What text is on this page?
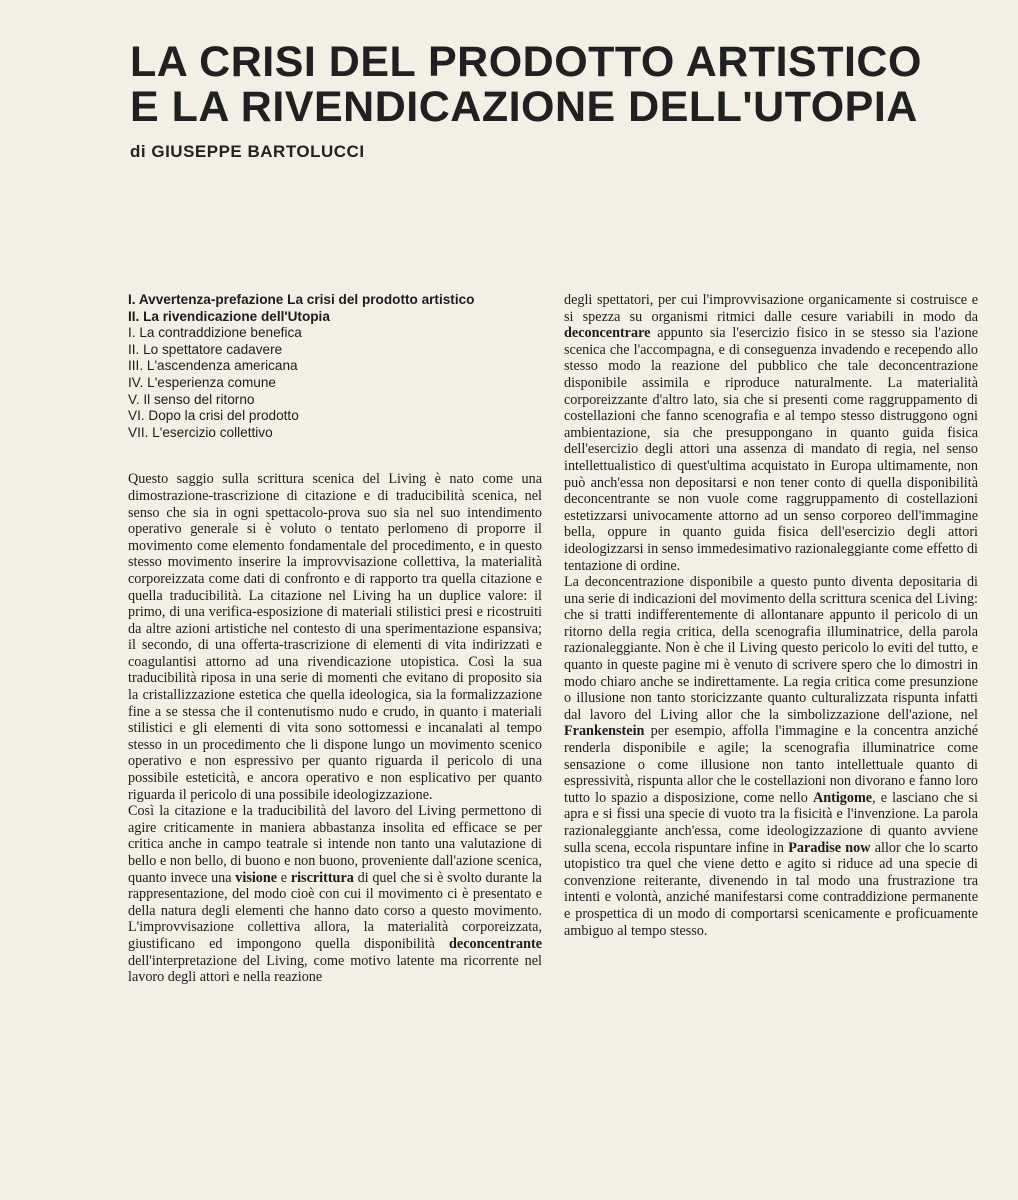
LA CRISI DEL PRODOTTO ARTISTICO
E LA RIVENDICAZIONE DELL'UTOPIA
di GIUSEPPE BARTOLUCCI
I. Avvertenza-prefazione La crisi del prodotto artistico
II. La rivendicazione dell'Utopia
I. La contraddizione benefica
II. Lo spettatore cadavere
III. L'ascendenza americana
IV. L'esperienza comune
V. Il senso del ritorno
VI. Dopo la crisi del prodotto
VII. L'esercizio collettivo

Questo saggio sulla scrittura scenica del Living è nato come una dimostrazione-trascrizione di citazione e di traducibilità scenica, nel senso che sia in ogni spettacolo-prova suo sia nel suo intendimento operativo generale si è voluto o tentato perlomeno di proporre il movimento come elemento fondamentale del procedimento, e in questo stesso movimento inserire la improvvisazione collettiva, la materialità corporeizzata come dati di confronto e di rapporto tra quella citazione e quella traducibilità. La citazione nel Living ha un duplice valore: il primo, di una verifica-esposizione di materiali stilistici presi e ricostruiti da altre azioni artistiche nel contesto di una sperimentazione espansiva; il secondo, di una offerta-trascrizione di elementi di vita indirizzati e coagulantisi attorno ad una rivendicazione utopistica. Così la sua traducibilità riposa in una serie di momenti che evitano di proposito sia la cristallizzazione estetica che quella ideologica, sia la formalizzazione fine a se stessa che il contenutismo nudo e crudo, in quanto i materiali stilistici e gli elementi di vita sono sottomessi e incanalati al tempo stesso in un procedimento che li dispone lungo un movimento scenico operativo e non espressivo per quanto riguarda il pericolo di una possibile esteticità, e ancora operativo e non esplicativo per quanto riguarda il pericolo di una possibile ideologizzazione.

Così la citazione e la traducibilità del lavoro del Living permettono di agire criticamente in maniera abbastanza insolita ed efficace se per critica anche in campo teatrale si intende non tanto una valutazione di bello e non bello, di buono e non buono, proveniente dall'azione scenica, quanto invece una visione e riscrittura di quel che si è svolto durante la rappresentazione, del modo cioè con cui il movimento ci è presentato e della natura degli elementi che hanno dato corso a questo movimento. L'improvvisazione collettiva allora, la materialità corporeizzata, giustificano ed impongono quella disponibilità deconcentrante dell'interpretazione del Living, come motivo latente ma ricorrente nel lavoro degli attori e nella reazione

degli spettatori, per cui l'improvvisazione organicamente si costruisce e si spezza su organismi ritmici dalle cesure variabili in modo da deconcentrare appunto sia l'esercizio fisico in se stesso sia l'azione scenica che l'accompagna, e di conseguenza invadendo e recependo allo stesso modo la reazione del pubblico che tale deconcentrazione disponibile assimila e riproduce naturalmente. La materialità corporeizzante d'altro lato, sia che si presenti come raggruppamento di costellazioni che fanno scenografia e al tempo stesso distruggono ogni ambientazione, sia che presuppongano in quanto guida fisica dell'esercizio degli attori una assenza di mandato di regia, nel senso intellettualistico di quest'ultima acquistato in Europa ultimamente, non può anch'essa non depositarsi e non tener conto di quella disponibilità deconcentrante se non vuole come raggruppamento di costellazioni estetizzarsi univocamente attorno ad un senso corporeo dell'immagine bella, oppure in quanto guida fisica dell'esercizio degli attori ideologizzarsi in senso immedesimativo razionaleggiante come effetto di tentazione di ordine.

La deconcentrazione disponibile a questo punto diventa depositaria di una serie di indicazioni del movimento della scrittura scenica del Living: che si tratti indifferentemente di allontanare appunto il pericolo di un ritorno della regia critica, della scenografia illuminatrice, della parola razionaleggiante. Non è che il Living questo pericolo lo eviti del tutto, e quanto in queste pagine mi è venuto di scrivere spero che lo dimostri in modo chiaro anche se indirettamente. La regia critica come presunzione o illusione non tanto storicizzante quanto culturalizzata rispunta infatti dal lavoro del Living allor che la simbolizzazione dell'azione, nel Frankenstein per esempio, affolla l'immagine e la concentra anziché renderla disponibile e agile; la scenografia illuminatrice come sensazione o come illusione non tanto intellettuale quanto di espressività, rispunta allor che le costellazioni non divorano e fanno loro tutto lo spazio a disposizione, come nello Antigome, e lasciano che si apra e si fissi una specie di vuoto tra la fisicità e l'invenzione. La parola razionaleggiante anch'essa, come ideologizzazione di quanto avviene sulla scena, eccola rispuntare infine in Paradise now allor che lo scarto utopistico tra quel che viene detto e agito si riduce ad una specie di convenzione reiterante, divenendo in tal modo una frustrazione tra intenti e volontà, anziché manifestarsi come contraddizione permanente e prospettica di un modo di comportarsi scenicamente e proficuamente ambiguo al tempo stesso.
